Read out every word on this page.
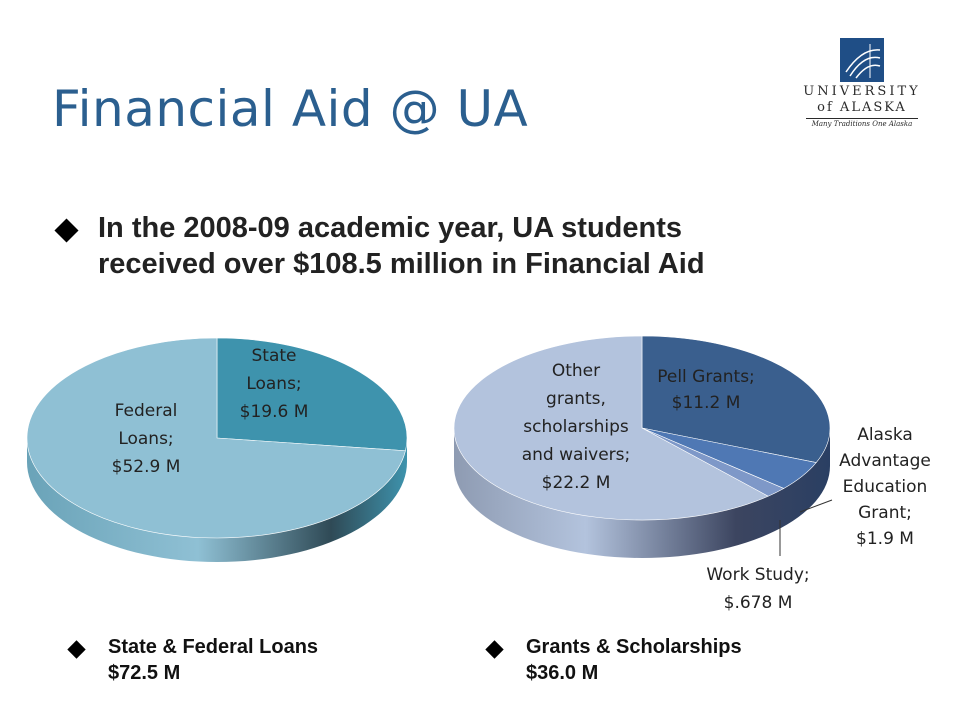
Financial Aid @ UA	UNIVERSITY
of ALASKA
Many Traditions One Alaska
In the 2008-09 academic year, UA students
received over $108.5 million in Financial Aid
State Loans; $19.6 M
Federal Loans; $52.9 M
Pell Grants; $11.2 M
Alaska Advantage Education Grant; $1.9 M
Work Study; $.678 M
Other grants, scholarships and waivers; $22.2 M
State & Federal Loans
$72.5 M
Grants & Scholarships
$36.0 M
